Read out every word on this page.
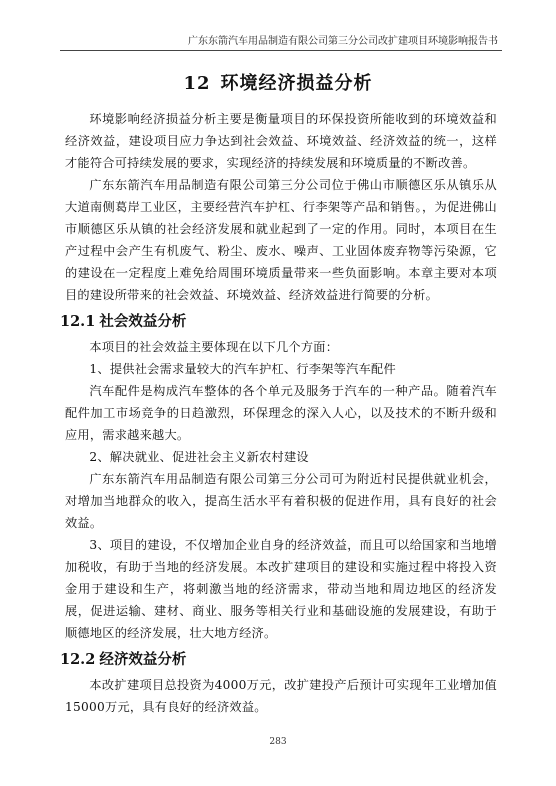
广东东箭汽车用品制造有限公司第三分公司改扩建项目环境影响报告书
12 环境经济损益分析

环境影响经济损益分析主要是衡量项目的环保投资所能收到的环境效益和经济效益，建设项目应力争达到社会效益、环境效益、经济效益的统一，这样才能符合可持续发展的要求，实现经济的持续发展和环境质量的不断改善。

广东东箭汽车用品制造有限公司第三分公司位于佛山市顺德区乐从镇乐从大道南侧葛岸工业区，主要经营汽车护杠、行李架等产品和销售。，为促进佛山市顺德区乐从镇的社会经济发展和就业起到了一定的作用。同时，本项目在生产过程中会产生有机废气、粉尘、废水、噪声、工业固体废弃物等污染源，它的建设在一定程度上难免给周围环境质量带来一些负面影响。本章主要对本项目的建设所带来的社会效益、环境效益、经济效益进行简要的分析。

12.1 社会效益分析

本项目的社会效益主要体现在以下几个方面：

1、提供社会需求量较大的汽车护杠、行李架等汽车配件

汽车配件是构成汽车整体的各个单元及服务于汽车的一种产品。随着汽车配件加工市场竞争的日趋激烈，环保理念的深入人心，以及技术的不断升级和应用，需求越来越大。

2、解决就业、促进社会主义新农村建设

广东东箭汽车用品制造有限公司第三分公司可为附近村民提供就业机会，对增加当地群众的收入，提高生活水平有着积极的促进作用，具有良好的社会效益。

3、项目的建设，不仅增加企业自身的经济效益，而且可以给国家和当地增加税收，有助于当地的经济发展。本改扩建项目的建设和实施过程中将投入资金用于建设和生产，将刺激当地的经济需求，带动当地和周边地区的经济发展，促进运输、建材、商业、服务等相关行业和基础设施的发展建设，有助于顺德地区的经济发展，壮大地方经济。

12.2 经济效益分析

本改扩建项目总投资为4000万元，改扩建投产后预计可实现年工业增加值15000万元，具有良好的经济效益。

283
